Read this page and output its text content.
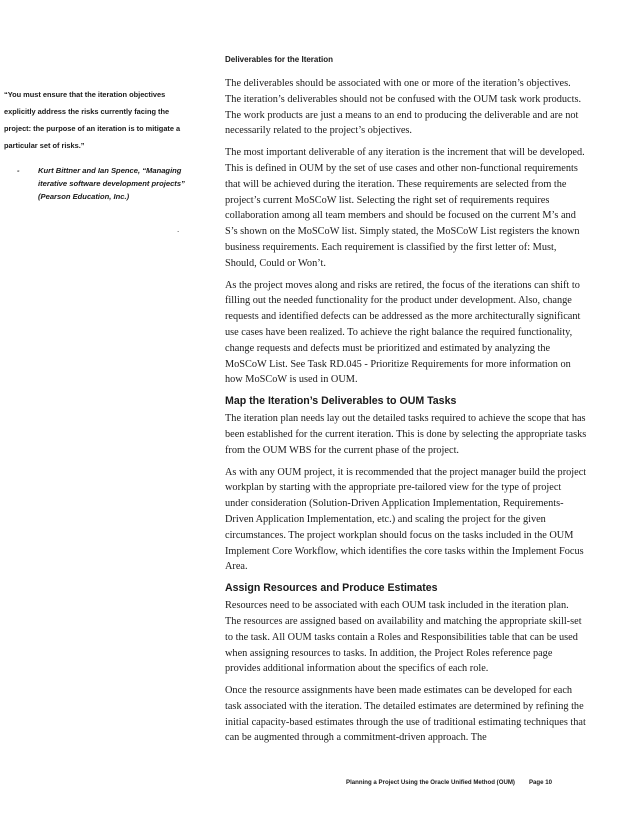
“You must ensure that the iteration objectives explicitly address the risks currently facing the project: the purpose of an iteration is to mitigate a particular set of risks.”

- Kurt Bittner and Ian Spence, “Managing iterative software development projects” (Pearson Education, Inc.)
.
Deliverables for the Iteration

The deliverables should be associated with one or more of the iteration’s objectives. The iteration’s deliverables should not be confused with the OUM task work products. The work products are just a means to an end to producing the deliverable and are not necessarily related to the project’s objectives.

The most important deliverable of any iteration is the increment that will be developed. This is defined in OUM by the set of use cases and other non-functional requirements that will be achieved during the iteration. These requirements are selected from the project’s current MoSCoW list. Selecting the right set of requirements requires collaboration among all team members and should be focused on the current M’s and S’s shown on the MoSCoW list. Simply stated, the MoSCoW List registers the known business requirements. Each requirement is classified by the first letter of: Must, Should, Could or Won’t.

As the project moves along and risks are retired, the focus of the iterations can shift to filling out the needed functionality for the product under development. Also, change requests and identified defects can be addressed as the more architecturally significant use cases have been realized. To achieve the right balance the required functionality, change requests and defects must be prioritized and estimated by analyzing the MoSCoW List. See Task RD.045 - Prioritize Requirements for more information on how MoSCoW is used in OUM.

Map the Iteration’s Deliverables to OUM Tasks

The iteration plan needs lay out the detailed tasks required to achieve the scope that has been established for the current iteration. This is done by selecting the appropriate tasks from the OUM WBS for the current phase of the project.

As with any OUM project, it is recommended that the project manager build the project workplan by starting with the appropriate pre-tailored view for the type of project under consideration (Solution-Driven Application Implementation, Requirements-Driven Application Implementation, etc.) and scaling the project for the given circumstances. The project workplan should focus on the tasks included in the OUM Implement Core Workflow, which identifies the core tasks within the Implement Focus Area.

Assign Resources and Produce Estimates

Resources need to be associated with each OUM task included in the iteration plan. The resources are assigned based on availability and matching the appropriate skill-set to the task. All OUM tasks contain a Roles and Responsibilities table that can be used when assigning resources to tasks. In addition, the Project Roles reference page provides additional information about the specifics of each role.

Once the resource assignments have been made estimates can be developed for each task associated with the iteration. The detailed estimates are determined by refining the initial capacity-based estimates through the use of traditional estimating techniques that can be augmented through a commitment-driven approach. The

Planning a Project Using the Oracle Unified Method (OUM) Page 10
